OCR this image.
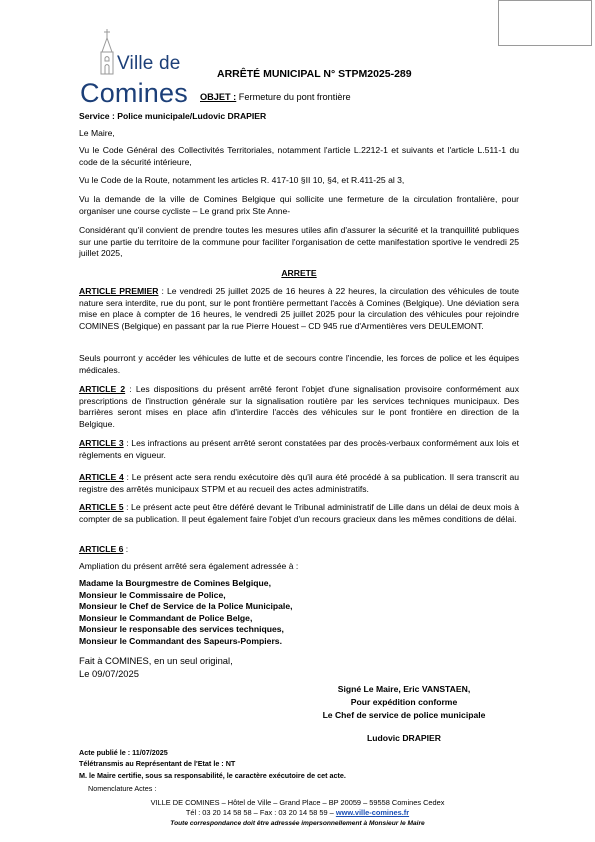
Ville de
Comines
ARRÊTÉ MUNICIPAL N° STPM2025-289
OBJET : Fermeture du pont frontière

Service : Police municipale/Ludovic DRAPIER

Le Maire,

Vu le Code Général des Collectivités Territoriales, notamment l'article L.2212-1 et suivants et l'article L.511-1 du code de la sécurité intérieure,

Vu le Code de la Route, notamment les articles R. 417-10 §II 10, §4, et R.411-25 al 3,

Vu la demande de la ville de Comines Belgique qui sollicite une fermeture de la circulation frontalière, pour organiser une course cycliste – Le grand prix Ste Anne-

Considérant qu'il convient de prendre toutes les mesures utiles afin d'assurer la sécurité et la tranquillité publiques sur une partie du territoire de la commune pour faciliter l'organisation de cette manifestation sportive le vendredi 25 juillet 2025,

ARRETE

ARTICLE PREMIER : Le vendredi 25 juillet 2025 de 16 heures à 22 heures, la circulation des véhicules de toute nature sera interdite, rue du pont, sur le pont frontière permettant l'accès à Comines (Belgique). Une déviation sera mise en place à compter de 16 heures, le vendredi 25 juillet 2025 pour la circulation des véhicules pour rejoindre COMINES (Belgique) en passant par la rue Pierre Houest – CD 945 rue d'Armentières vers DEULEMONT.

Seuls pourront y accéder les véhicules de lutte et de secours contre l'incendie, les forces de police et les équipes médicales.

ARTICLE 2 : Les dispositions du présent arrêté feront l'objet d'une signalisation provisoire conformément aux prescriptions de l'instruction générale sur la signalisation routière par les services techniques municipaux. Des barrières seront mises en place afin d'interdire l'accès des véhicules sur le pont frontière en direction de la Belgique.

ARTICLE 3 : Les infractions au présent arrêté seront constatées par des procès-verbaux conformément aux lois et règlements en vigueur.

ARTICLE 4 : Le présent acte sera rendu exécutoire dès qu'il aura été procédé à sa publication. Il sera transcrit au registre des arrêtés municipaux STPM et au recueil des actes administratifs.

ARTICLE 5 : Le présent acte peut être déféré devant le Tribunal administratif de Lille dans un délai de deux mois à compter de sa publication. Il peut également faire l'objet d'un recours gracieux dans les mêmes conditions de délai.

ARTICLE 6 :

Ampliation du présent arrêté sera également adressée à :

Madame la Bourgmestre de Comines Belgique,
Monsieur le Commissaire de Police,
Monsieur le Chef de Service de la Police Municipale,
Monsieur le Commandant de Police Belge,
Monsieur le responsable des services techniques,
Monsieur le Commandant des Sapeurs-Pompiers.
Fait à COMINES, en un seul original,
Le 09/07/2025
Signé Le Maire, Eric VANSTAEN,
Pour expédition conforme
Le Chef de service de police municipale
Ludovic DRAPIER
Acte publié le : 11/07/2025
Télétransmis au Représentant de l'Etat le : NT
M. le Maire certifie, sous sa responsabilité, le caractère exécutoire de cet acte.
Nomenclature Actes :
VILLE DE COMINES – Hôtel de Ville – Grand Place – BP 20059 – 59558 Comines Cedex
Tél : 03 20 14 58 58 – Fax : 03 20 14 58 59 – www.ville-comines.fr
Toute correspondance doit être adressée impersonnellement à Monsieur le Maire
